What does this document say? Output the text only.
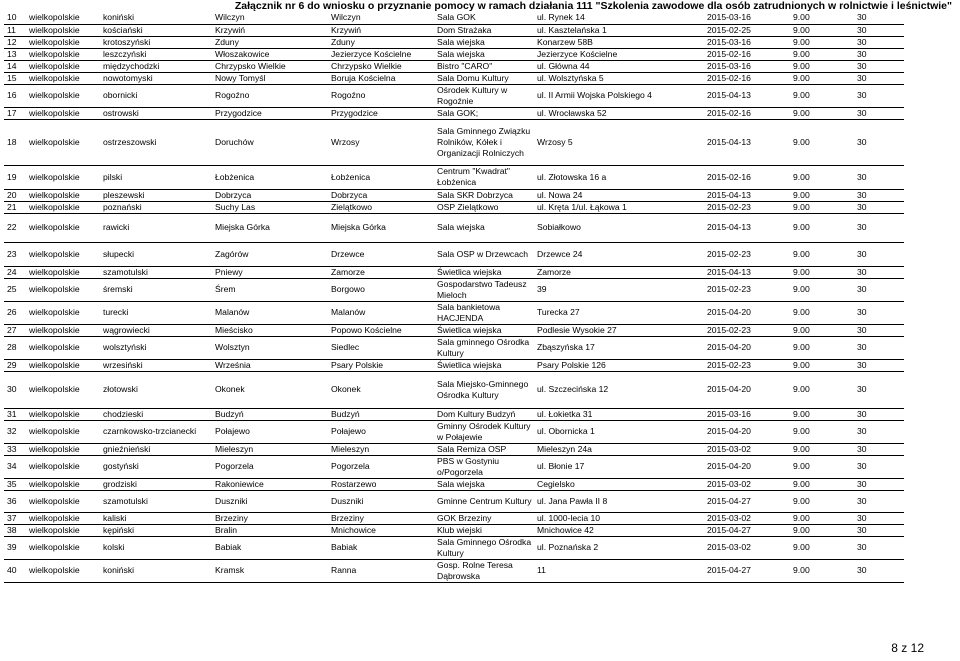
Załącznik nr 6 do wniosku o przyznanie pomocy w ramach działania 111 "Szkolenia zawodowe dla osób zatrudnionych w rolnictwie i leśnictwie"
10	wielkopolskie	koniński	Wilczyn	Wilczyn	Sala GOK	ul. Rynek 14	2015-03-16	9.00	30
11	wielkopolskie	kościański	Krzywiń	Krzywiń	Dom Strażaka	ul. Kasztelańska 1	2015-02-25	9.00	30
12	wielkopolskie	krotoszyński	Zduny	Zduny	Sala wiejska	Konarzew 58B	2015-03-16	9.00	30
13	wielkopolskie	leszczyński	Włoszakowice	Jezierzyce Kościelne	Sala wiejska	Jezierzyce Kościelne	2015-02-16	9.00	30
14	wielkopolskie	międzychodzki	Chrzypsko Wielkie	Chrzypsko Wielkie	Bistro "CARO"	ul. Główna 44	2015-03-16	9.00	30
15	wielkopolskie	nowotomyski	Nowy Tomyśl	Boruja Kościelna	Sala Domu Kultury	ul. Wolsztyńska 5	2015-02-16	9.00	30
16	wielkopolskie	obornicki	Rogoźno	Rogoźno	Ośrodek Kultury w Rogoźnie	ul. II Armii Wojska Polskiego 4	2015-04-13	9.00	30
17	wielkopolskie	ostrowski	Przygodzice	Przygodzice	Sala GOK;	ul. Wrocławska 52	2015-02-16	9.00	30
18	wielkopolskie	ostrzeszowski	Doruchów	Wrzosy	Sala Gminnego Związku Rolników, Kółek i Organizacji Rolniczych	Wrzosy 5	2015-04-13	9.00	30
19	wielkopolskie	pilski	Łobżenica	Łobżenica	Centrum "Kwadrat" Łobżenica	ul. Złotowska 16 a	2015-02-16	9.00	30
20	wielkopolskie	pleszewski	Dobrzyca	Dobrzyca	Sala SKR Dobrzyca	ul. Nowa 24	2015-04-13	9.00	30
21	wielkopolskie	poznański	Suchy Las	Zielątkowo	OSP Zielątkowo	ul. Kręta 1/ul. Łąkowa 1	2015-02-23	9.00	30
22	wielkopolskie	rawicki	Miejska Górka	Miejska Górka	Sala wiejska	Sobiałkowo	2015-04-13	9.00	30
23	wielkopolskie	słupecki	Zagórów	Drzewce	Sala OSP w Drzewcach	Drzewce 24	2015-02-23	9.00	30
24	wielkopolskie	szamotulski	Pniewy	Zamorze	Świetlica wiejska	Zamorze	2015-04-13	9.00	30
25	wielkopolskie	śremski	Śrem	Borgowo	Gospodarstwo Tadeusz Mieloch	39	2015-02-23	9.00	30
26	wielkopolskie	turecki	Malanów	Malanów	Sala bankietowa HACJENDA	Turecka 27	2015-04-20	9.00	30
27	wielkopolskie	wągrowiecki	Mieścisko	Popowo Kościelne	Świetlica wiejska	Podlesie Wysokie 27	2015-02-23	9.00	30
28	wielkopolskie	wolsztyński	Wolsztyn	Siedlec	Sala gminnego Ośrodka Kultury	Zbąszyńska 17	2015-04-20	9.00	30
29	wielkopolskie	wrzesiński	Września	Psary Polskie	Świetlica wiejska	Psary Polskie 126	2015-02-23	9.00	30
30	wielkopolskie	złotowski	Okonek	Okonek	Sala Miejsko-Gminnego Ośrodka Kultury	ul. Szczecińska 12	2015-04-20	9.00	30
31	wielkopolskie	chodzieski	Budzyń	Budzyń	Dom Kultury Budzyń	ul. Łokietka 31	2015-03-16	9.00	30
32	wielkopolskie	czarnkowsko-trzcianecki	Połajewo	Połajewo	Gminny Ośrodek Kultury w Połajewie	ul. Obornicka 1	2015-04-20	9.00	30
33	wielkopolskie	gnieźnieński	Mieleszyn	Mieleszyn	Sala Remiza OSP	Mieleszyn 24a	2015-03-02	9.00	30
34	wielkopolskie	gostyński	Pogorzela	Pogorzela	PBS w Gostyniu o/Pogorzela	ul. Błonie 17	2015-04-20	9.00	30
35	wielkopolskie	grodziski	Rakoniewice	Rostarzewo	Sala wiejska	Cegielsko	2015-03-02	9.00	30
36	wielkopolskie	szamotulski	Duszniki	Duszniki	Gminne Centrum Kultury	ul. Jana Pawła II 8	2015-04-27	9.00	30
37	wielkopolskie	kaliski	Brzeziny	Brzeziny	GOK Brzeziny	ul. 1000-lecia 10	2015-03-02	9.00	30
38	wielkopolskie	kępiński	Bralin	Mnichowice	Klub wiejski	Mnichowice 42	2015-04-27	9.00	30
39	wielkopolskie	kolski	Babiak	Babiak	Sala Gminnego Ośrodka Kultury	ul. Poznańska 2	2015-03-02	9.00	30
40	wielkopolskie	koniński	Kramsk	Ranna	Gosp. Rolne Teresa Dąbrowska	11	2015-04-27	9.00	30
8 z 12
